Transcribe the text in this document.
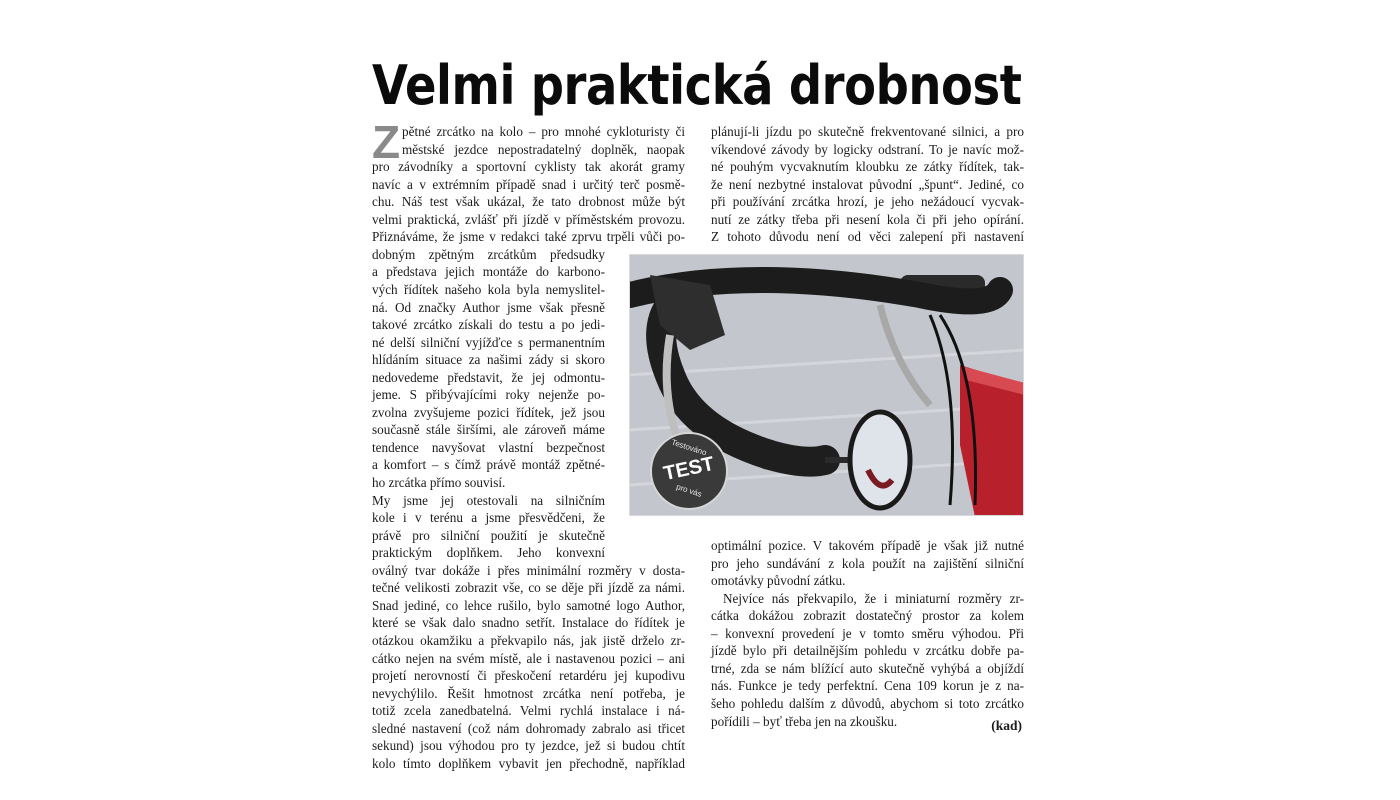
Velmi praktická drobnost
Z pětné zrcátko na kolo – pro mnohé cykloturisty či
městské jezdce nepostradatelný doplněk, naopak
pro závodníky a sportovní cyklisty tak akorát gramy
navíc a v extrémním případě snad i určitý terč posmě-
chu. Náš test však ukázal, že tato drobnost může být
velmi praktická, zvlášť při jízdě v příměstském provozu.
Přiznáváme, že jsme v redakci také zprvu trpěli vůči po-
dobným zpětným zrcátkům předsudky
a představa jejich montáže do karbono-
vých řídítek našeho kola byla nemyslitel-
ná. Od značky Author jsme však přesně
takové zrcátko získali do testu a po jedi-
né delší silniční vyjížďce s permanentním
hlídáním situace za našimi zády si skoro
nedovedeme představit, že jej odmontu-
jeme. S přibývajícími roky nejenže po-
zvolna zvyšujeme pozici řídítek, jež jsou
současně stále širšími, ale zároveň máme
tendence navyšovat vlastní bezpečnost
a komfort – s čímž právě montáž zpětné-
ho zrcátka přímo souvisí.
My jsme jej otestovali na silničním
kole i v terénu a jsme přesvědčeni, že
právě pro silniční použití je skutečně
praktickým doplňkem. Jeho konvexní
oválný tvar dokáže i přes minimální rozměry v dosta-
tečné velikosti zobrazit vše, co se děje při jízdě za námi.
Snad jediné, co lehce rušilo, bylo samotné logo Author,
které se však dalo snadno setřít. Instalace do řídítek je
otázkou okamžiku a překvapilo nás, jak jistě drželo zr-
cátko nejen na svém místě, ale i nastavenou pozici – ani
projetí nerovností či přeskočení retardéru jej kupodivu
nevychýlilo. Řešit hmotnost zrcátka není potřeba, je
totiž zcela zanedbatelná. Velmi rychlá instalace i ná-
sledné nastavení (což nám dohromady zabralo asi třicet
sekund) jsou výhodou pro ty jezdce, jež si budou chtít
kolo tímto doplňkem vybavit jen přechodně, například
plánují-li jízdu po skutečně frekventované silnici, a pro
víkendové závody by logicky odstraní. To je navíc mož-
né pouhým vycvaknutím kloubku ze zátky řídítek, tak-
že není nezbytné instalovat původní „špunt“. Jediné, co
při používání zrcátka hrozí, je jeho nežádoucí vycvak-
nutí ze zátky třeba při nesení kola či při jeho opírání.
Z tohoto důvodu není od věci zalepení při nastavení
optimální pozice. V takovém případě je však již nutné
pro jeho sundávání z kola použít na zajištění silniční
omotávky původní zátku.
Nejvíce nás překvapilo, že i miniaturní rozměry zr-
cátka dokážou zobrazit dostatečný prostor za kolem
– konvexní provedení je v tomto směru výhodou. Při
jízdě bylo při detailnějším pohledu v zrcátku dobře pa-
trné, zda se nám blížící auto skutečně vyhýbá a objíždí
nás. Funkce je tedy perfektní. Cena 109 korun je z na-
šeho pohledu dalším z důvodů, abychom si toto zrcátko
pořídili – byť třeba jen na zkoušku.
Testováno
TEST
pro vás
(kad)
